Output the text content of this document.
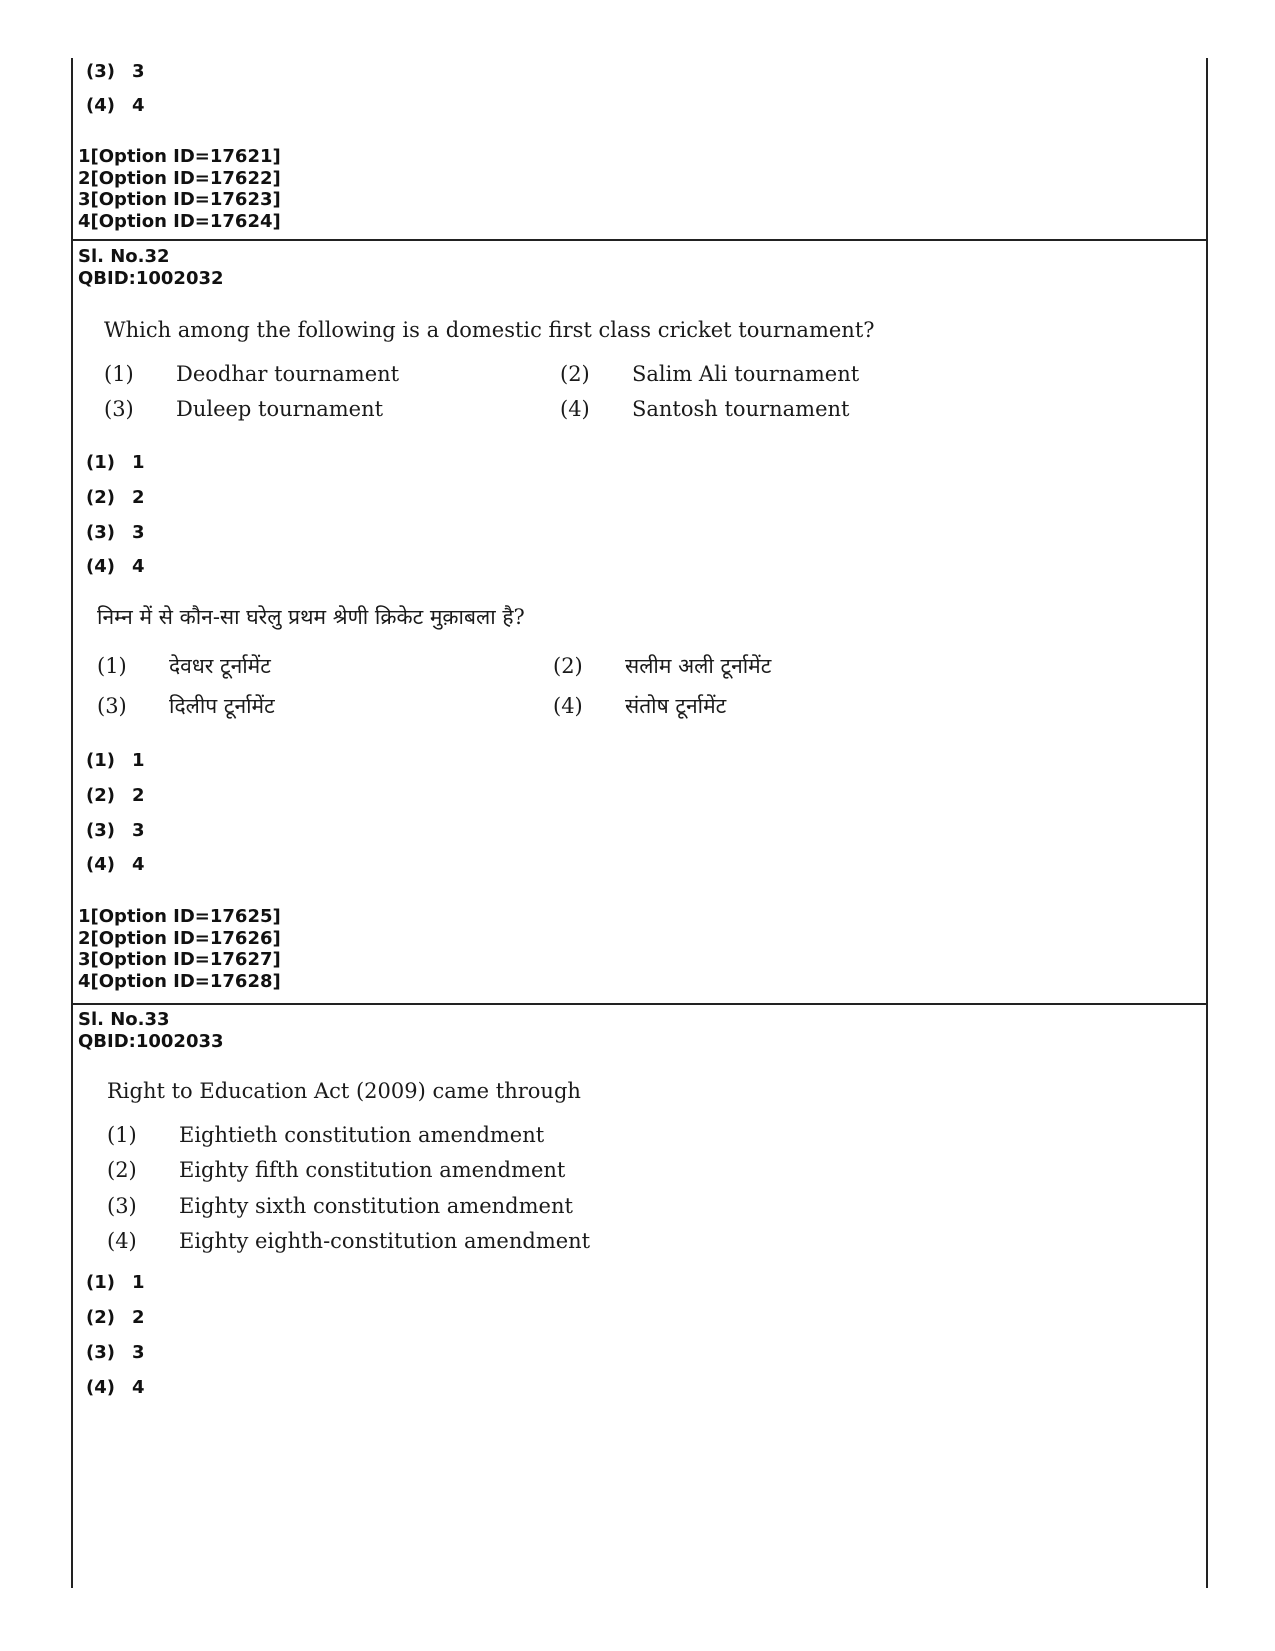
(3) 3
(4) 4
1[Option ID=17621]
2[Option ID=17622]
3[Option ID=17623]
4[Option ID=17624]
Sl. No.32
QBID:1002032
Which among the following is a domestic first class cricket tournament?
(1) Deodhar tournament	(2) Salim Ali tournament
(3) Duleep tournament	(4) Santosh tournament
(1) 1
(2) 2
(3) 3
(4) 4
निम्न में से कौन-सा घरेलु प्रथम श्रेणी क्रिकेट मुक़ाबला है?
(1) देवधर टूर्नामेंट	(2) सलीम अली टूर्नामेंट
(3) दिलीप टूर्नामेंट	(4) संतोष टूर्नामेंट
(1) 1
(2) 2
(3) 3
(4) 4
1[Option ID=17625]
2[Option ID=17626]
3[Option ID=17627]
4[Option ID=17628]
Sl. No.33
QBID:1002033
Right to Education Act (2009) came through
(1) Eightieth constitution amendment
(2) Eighty fifth constitution amendment
(3) Eighty sixth constitution amendment
(4) Eighty eighth-constitution amendment
(1) 1
(2) 2
(3) 3
(4) 4
